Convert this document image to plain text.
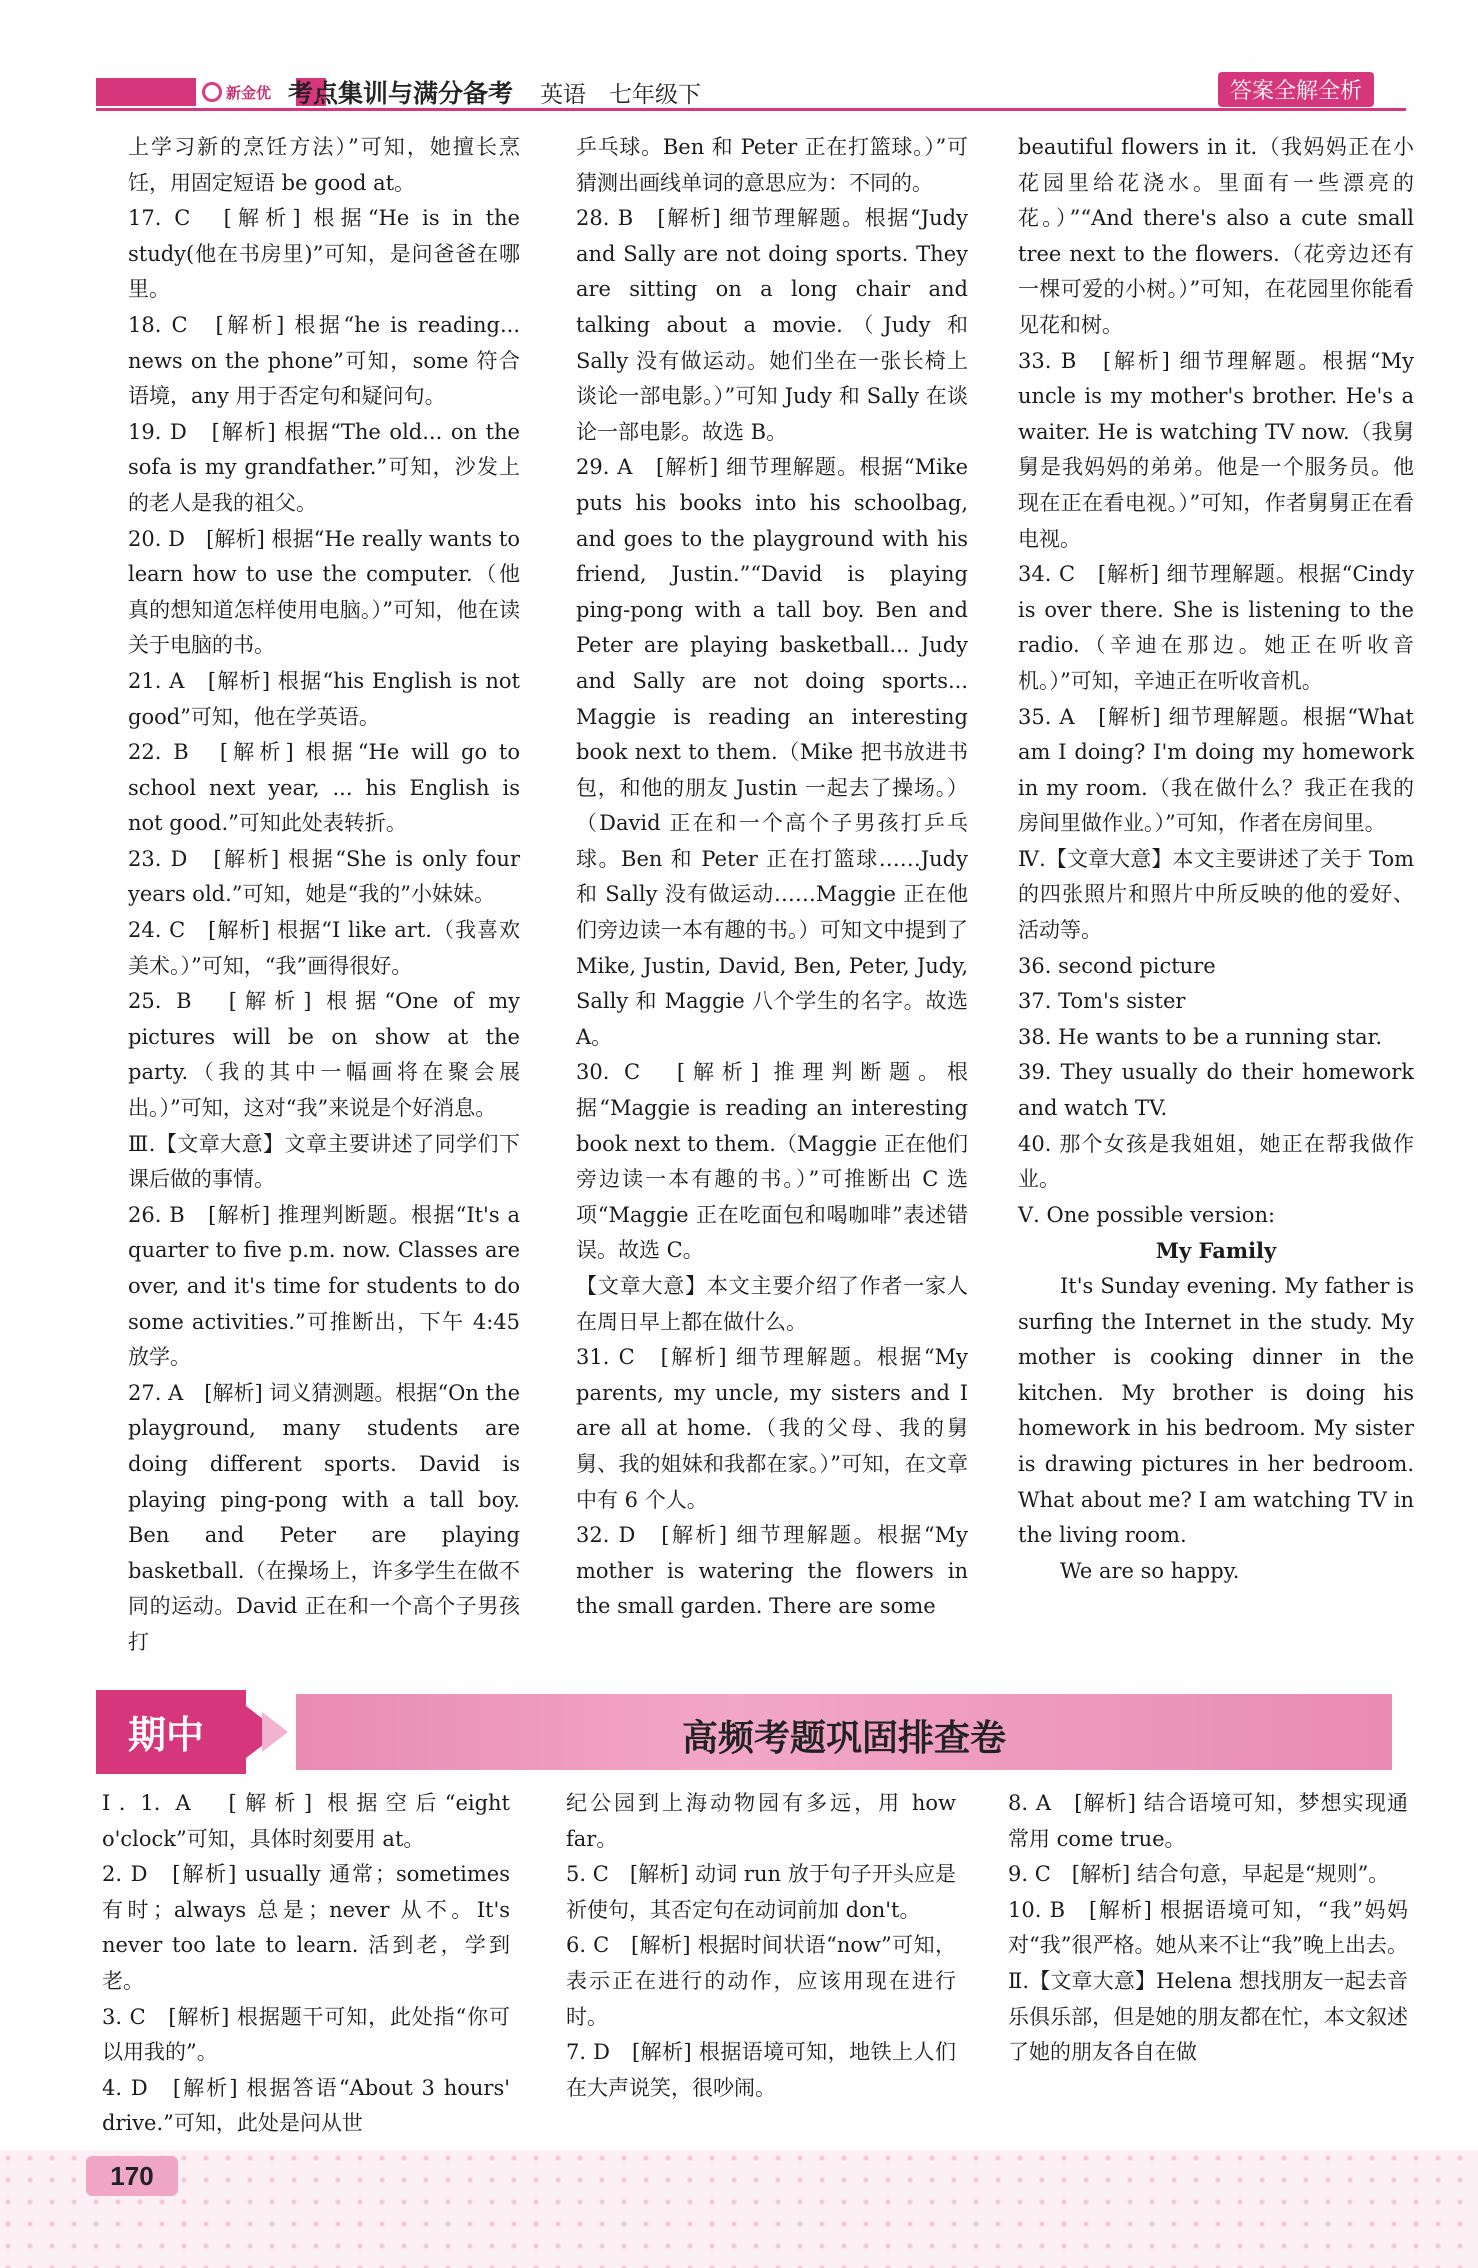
新金优 考点集训与满分备考 英语　七年级下	答案全解全析

上学习新的烹饪方法）”可知，她擅长烹饪，用固定短语 be good at。

17. C　[解析] 根据“He is in the study(他在书房里)”可知，是问爸爸在哪里。

18. C　[解析] 根据“he is reading... news on the phone”可知，some 符合语境，any 用于否定句和疑问句。

19. D　[解析] 根据“The old... on the sofa is my grandfather.”可知，沙发上的老人是我的祖父。

20. D　[解析] 根据“He really wants to learn how to use the computer.（他真的想知道怎样使用电脑。）”可知，他在读关于电脑的书。

21. A　[解析] 根据“his English is not good”可知，他在学英语。

22. B　[解析] 根据“He will go to school next year, ... his English is not good.”可知此处表转折。

23. D　[解析] 根据“She is only four years old.”可知，她是“我的”小妹妹。

24. C　[解析] 根据“I like art.（我喜欢美术。）”可知，“我”画得很好。

25. B　[解析] 根据“One of my pictures will be on show at the party.（我的其中一幅画将在聚会展出。）”可知，这对“我”来说是个好消息。

Ⅲ.【文章大意】文章主要讲述了同学们下课后做的事情。

26. B　[解析] 推理判断题。根据“It's a quarter to five p.m. now. Classes are over, and it's time for students to do some activities.”可推断出，下午 4:45 放学。

27. A　[解析] 词义猜测题。根据“On the playground, many students are doing different sports. David is playing ping-pong with a tall boy. Ben and Peter are playing basketball.（在操场上，许多学生在做不同的运动。David 正在和一个高个子男孩打

乒乓球。Ben 和 Peter 正在打篮球。）”可猜测出画线单词的意思应为：不同的。

28. B　[解析] 细节理解题。根据“Judy and Sally are not doing sports. They are sitting on a long chair and talking about a movie.（Judy 和 Sally 没有做运动。她们坐在一张长椅上谈论一部电影。）”可知 Judy 和 Sally 在谈论一部电影。故选 B。

29. A　[解析] 细节理解题。根据“Mike puts his books into his schoolbag, and goes to the playground with his friend, Justin.”“David is playing ping-pong with a tall boy. Ben and Peter are playing basketball... Judy and Sally are not doing sports... Maggie is reading an interesting book next to them.（Mike 把书放进书包，和他的朋友 Justin 一起去了操场。）（David 正在和一个高个子男孩打乒乓球。Ben 和 Peter 正在打篮球……Judy 和 Sally 没有做运动……Maggie 正在他们旁边读一本有趣的书。）可知文中提到了 Mike, Justin, David, Ben, Peter, Judy, Sally 和 Maggie 八个学生的名字。故选 A。

30. C　[解析] 推理判断题。根据“Maggie is reading an interesting book next to them.（Maggie 正在他们旁边读一本有趣的书。）”可推断出 C 选项“Maggie 正在吃面包和喝咖啡”表述错误。故选 C。

【文章大意】本文主要介绍了作者一家人在周日早上都在做什么。

31. C　[解析] 细节理解题。根据“My parents, my uncle, my sisters and I are all at home.（我的父母、我的舅舅、我的姐妹和我都在家。）”可知，在文章中有 6 个人。

32. D　[解析] 细节理解题。根据“My mother is watering the flowers in the small garden. There are some

beautiful flowers in it.（我妈妈正在小花园里给花浇水。里面有一些漂亮的花。）”“And there's also a cute small tree next to the flowers.（花旁边还有一棵可爱的小树。）”可知，在花园里你能看见花和树。

33. B　[解析] 细节理解题。根据“My uncle is my mother's brother. He's a waiter. He is watching TV now.（我舅舅是我妈妈的弟弟。他是一个服务员。他现在正在看电视。）”可知，作者舅舅正在看电视。

34. C　[解析] 细节理解题。根据“Cindy is over there. She is listening to the radio.（辛迪在那边。她正在听收音机。）”可知，辛迪正在听收音机。

35. A　[解析] 细节理解题。根据“What am I doing? I'm doing my homework in my room.（我在做什么？我正在我的房间里做作业。）”可知，作者在房间里。

Ⅳ.【文章大意】本文主要讲述了关于 Tom 的四张照片和照片中所反映的他的爱好、活动等。

36. second picture

37. Tom's sister

38. He wants to be a running star.

39. They usually do their homework and watch TV.

40. 那个女孩是我姐姐，她正在帮我做作业。

Ⅴ. One possible version:

My Family

It's Sunday evening. My father is surfing the Internet in the study. My mother is cooking dinner in the kitchen. My brother is doing his homework in his bedroom. My sister is drawing pictures in her bedroom. What about me? I am watching TV in the living room.

We are so happy.

期中	高频考题巩固排查卷

Ⅰ. 1. A　[解析] 根据空后“eight o'clock”可知，具体时刻要用 at。

2. D　[解析] usually 通常；sometimes 有时；always 总是；never 从不。It's never too late to learn. 活到老，学到老。

3. C　[解析] 根据题干可知，此处指“你可以用我的”。

4. D　[解析] 根据答语“About 3 hours' drive.”可知，此处是问从世

纪公园到上海动物园有多远，用 how far。

5. C　[解析] 动词 run 放于句子开头应是祈使句，其否定句在动词前加 don't。

6. C　[解析] 根据时间状语“now”可知，表示正在进行的动作，应该用现在进行时。

7. D　[解析] 根据语境可知，地铁上人们在大声说笑，很吵闹。

8. A　[解析] 结合语境可知，梦想实现通常用 come true。

9. C　[解析] 结合句意，早起是“规则”。

10. B　[解析] 根据语境可知，“我”妈妈对“我”很严格。她从来不让“我”晚上出去。

Ⅱ.【文章大意】Helena 想找朋友一起去音乐俱乐部，但是她的朋友都在忙，本文叙述了她的朋友各自在做

170
